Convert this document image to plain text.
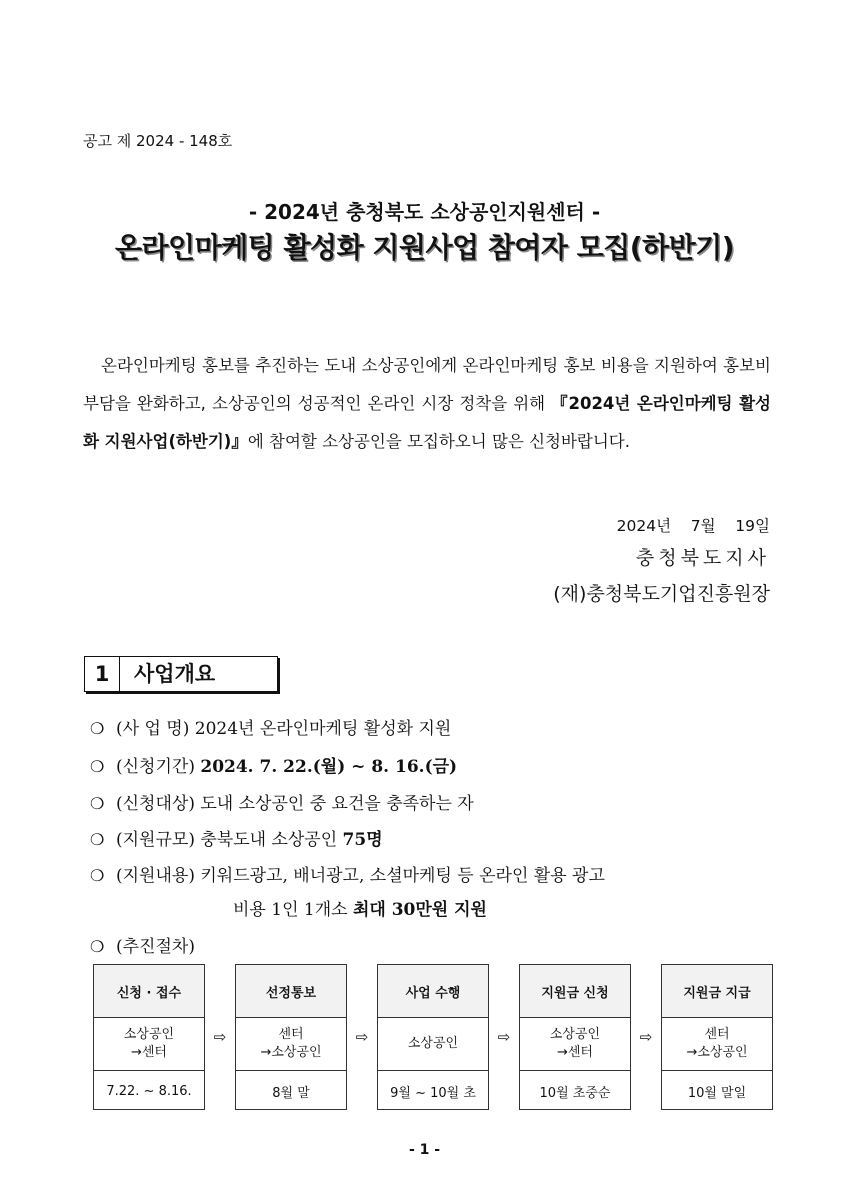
공고 제 2024 - 148호
- 2024년 충청북도 소상공인지원센터 -
온라인마케팅 활성화 지원사업 참여자 모집(하반기)
온라인마케팅 홍보를 추진하는 도내 소상공인에게 온라인마케팅 홍보 비용을 지원하여 홍보비 부담을 완화하고, 소상공인의 성공적인 온라인 시장 정착을 위해 『2024년 온라인마케팅 활성화 지원사업(하반기)』에 참여할 소상공인을 모집하오니 많은 신청바랍니다.
2024년    7월    19일
충청북도지사
(재)충청북도기업진흥원장
1	사업개요
❍ (사 업 명) 2024년 온라인마케팅 활성화 지원
❍ (신청기간) 2024. 7. 22.(월) ~ 8. 16.(금)
❍ (신청대상) 도내 소상공인 중 요건을 충족하는 자
❍ (지원규모) 충북도내 소상공인 75명
❍ (지원내용) 키워드광고, 배너광고, 소셜마케팅 등 온라인 활용 광고
비용 1인 1개소 최대 30만원 지원
❍ (추진절차)
신청 · 접수
소상공인
→센터
7.22. ~ 8.16.
⇨
선정통보
센터
→소상공인
8월 말
⇨
사업 수행
소상공인
9월 ~ 10월 초
⇨
지원금 신청
소상공인
→센터
10월 초중순
⇨
지원금 지급
센터
→소상공인
10월 말일
- 1 -
